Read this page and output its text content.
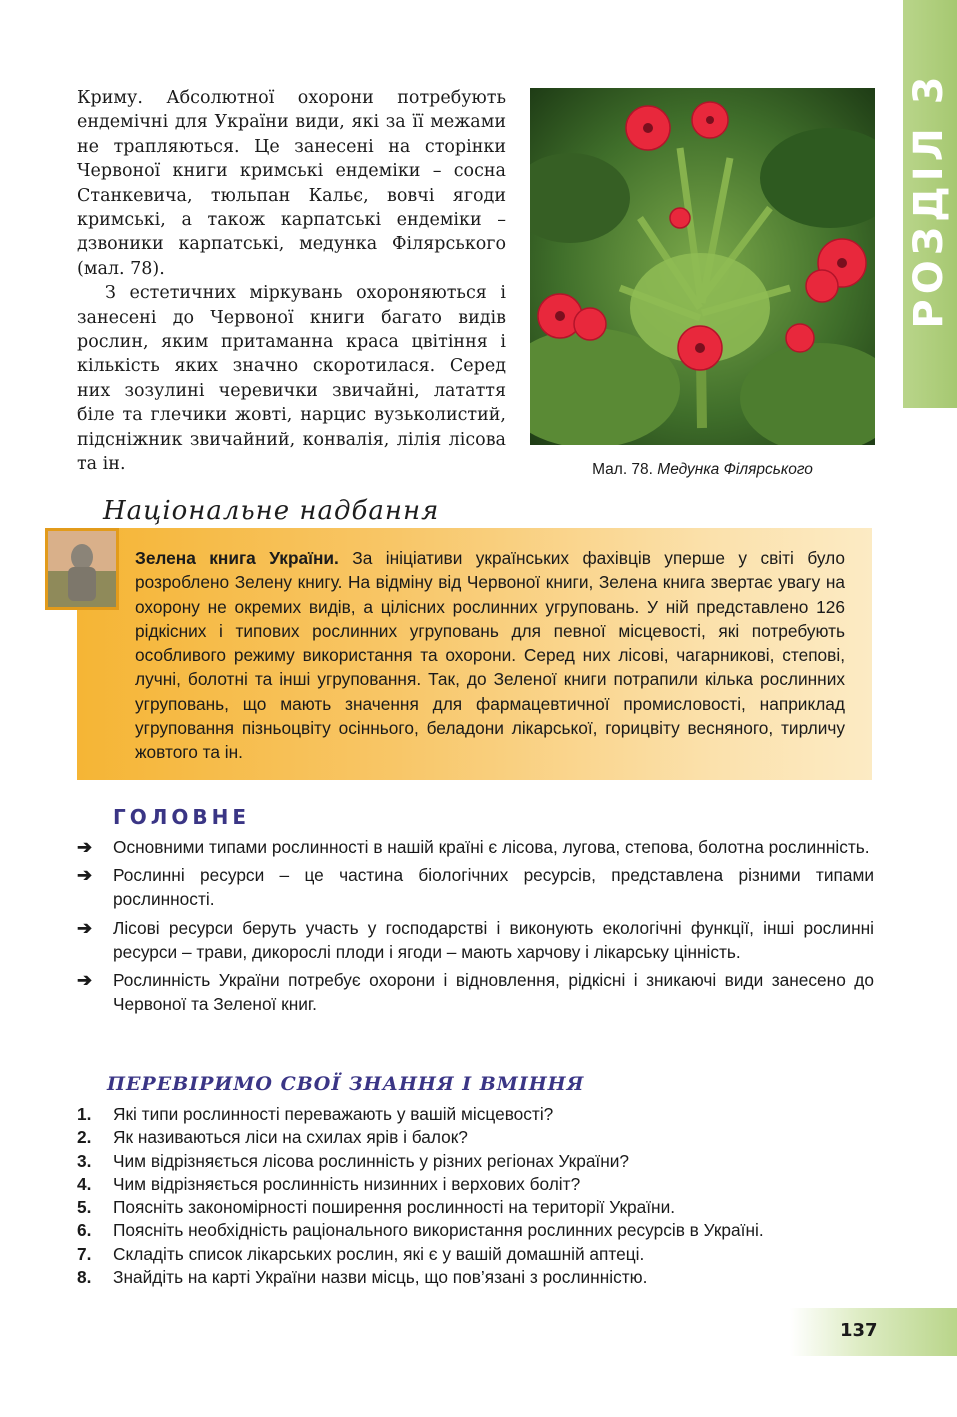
РОЗДІЛ 3

Криму. Абсолютної охорони потребують ендемічні для України види, які за її межами не трапляються. Це занесені на сторінки Червоної книги кримські ендеміки – сосна Станкевича, тюльпан Кальє, вовчі ягоди кримські, а також карпатські ендеміки – дзвоники карпатські, медунка Філярського (мал. 78).

З естетичних міркувань охороняються і занесені до Червоної книги багато видів рослин, яким притаманна краса цвітіння і кількість яких значно скоротилася. Серед них зозулині черевички звичайні, латаття біле та глечики жовті, нарцис вузьколистий, підсніжник звичайний, конвалія, лілія лісова та ін.	Мал. 78. Медунка Філярського
Національне надбання
Зелена книга України. За ініціативи українських фахівців уперше у світі було розроблено Зелену книгу. На відміну від Червоної книги, Зелена книга звертає увагу на охорону не окремих видів, а цілісних рослинних угруповань. У ній представлено 126 рідкісних і типових рослинних угруповань для певної місцевості, які потребують особливого режиму використання та охорони. Серед них лісові, чагарникові, степові, лучні, болотні та інші угруповання. Так, до Зеленої книги потрапили кілька рослинних угруповань, що мають значення для фармацевтичної промисловості, наприклад угруповання пізньоцвіту осіннього, беладони лікарської, горицвіту весняного, тирличу жовтого та ін.
ГОЛОВНЕ
➔ Основними типами рослинності в нашій країні є лісова, лугова, степова, болотна рослинність.
➔ Рослинні ресурси – це частина біологічних ресурсів, представлена різними типами рослинності.
➔ Лісові ресурси беруть участь у господарстві і виконують екологічні функції, інші рослинні ресурси – трави, дикорослі плоди і ягоди – мають харчову і лікарську цінність.
➔ Рослинність України потребує охорони і відновлення, рідкісні і зникаючі види занесено до Червоної та Зеленої книг.
ПЕРЕВІРИМО СВОЇ ЗНАННЯ І ВМІННЯ
1. Які типи рослинності переважають у вашій місцевості?
2. Як називаються ліси на схилах ярів і балок?
3. Чим відрізняється лісова рослинність у різних регіонах України?
4. Чим відрізняється рослинність низинних і верхових боліт?
5. Поясніть закономірності поширення рослинності на території України.
6. Поясніть необхідність раціонального використання рослинних ресурсів в Україні.
7. Складіть список лікарських рослин, які є у вашій домашній аптеці.
8. Знайдіть на карті України назви місць, що пов’язані з рослинністю.
137
